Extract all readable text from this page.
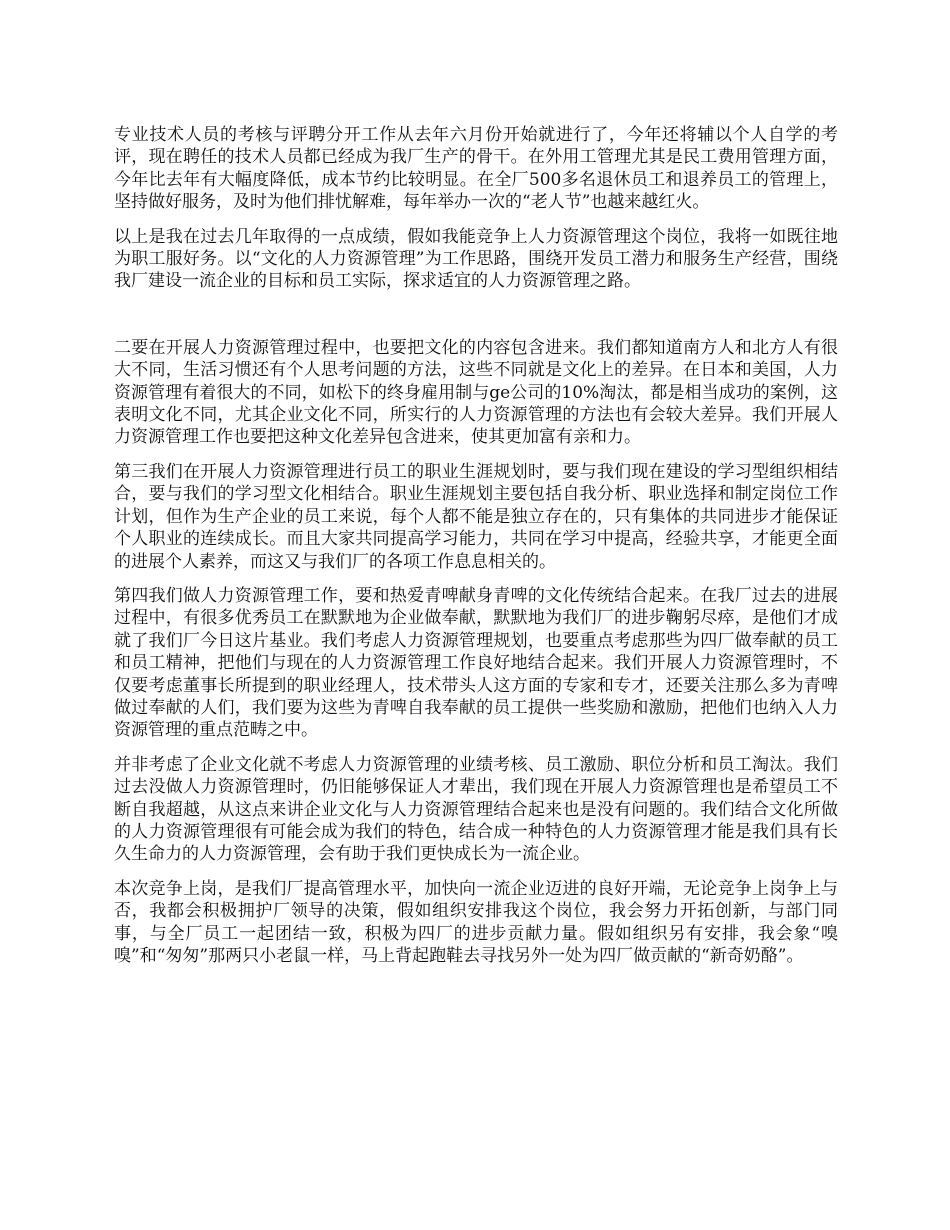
专业技术人员的考核与评聘分开工作从去年六月份开始就进行了，今年还将辅以个人自学的考评，现在聘任的技术人员都已经成为我厂生产的骨干。在外用工管理尤其是民工费用管理方面，今年比去年有大幅度降低，成本节约比较明显。在全厂500多名退休员工和退养员工的管理上，坚持做好服务，及时为他们排忧解难，每年举办一次的“老人节”也越来越红火。

以上是我在过去几年取得的一点成绩，假如我能竞争上人力资源管理这个岗位，我将一如既往地为职工服好务。以“文化的人力资源管理”为工作思路，围绕开发员工潜力和服务生产经营，围绕我厂建设一流企业的目标和员工实际，探求适宜的人力资源管理之路。

二要在开展人力资源管理过程中，也要把文化的内容包含进来。我们都知道南方人和北方人有很大不同，生活习惯还有个人思考问题的方法，这些不同就是文化上的差异。在日本和美国，人力资源管理有着很大的不同，如松下的终身雇用制与ge公司的10%淘汰，都是相当成功的案例，这表明文化不同，尤其企业文化不同，所实行的人力资源管理的方法也有会较大差异。我们开展人力资源管理工作也要把这种文化差异包含进来，使其更加富有亲和力。

第三我们在开展人力资源管理进行员工的职业生涯规划时，要与我们现在建设的学习型组织相结合，要与我们的学习型文化相结合。职业生涯规划主要包括自我分析、职业选择和制定岗位工作计划，但作为生产企业的员工来说，每个人都不能是独立存在的，只有集体的共同进步才能保证个人职业的连续成长。而且大家共同提高学习能力，共同在学习中提高，经验共享，才能更全面的进展个人素养，而这又与我们厂的各项工作息息相关的。

第四我们做人力资源管理工作，要和热爱青啤献身青啤的文化传统结合起来。在我厂过去的进展过程中，有很多优秀员工在默默地为企业做奉献，默默地为我们厂的进步鞠躬尽瘁，是他们才成就了我们厂今日这片基业。我们考虑人力资源管理规划，也要重点考虑那些为四厂做奉献的员工和员工精神，把他们与现在的人力资源管理工作良好地结合起来。我们开展人力资源管理时，不仅要考虑董事长所提到的职业经理人，技术带头人这方面的专家和专才，还要关注那么多为青啤做过奉献的人们，我们要为这些为青啤自我奉献的员工提供一些奖励和激励，把他们也纳入人力资源管理的重点范畴之中。

并非考虑了企业文化就不考虑人力资源管理的业绩考核、员工激励、职位分析和员工淘汰。我们过去没做人力资源管理时，仍旧能够保证人才辈出，我们现在开展人力资源管理也是希望员工不断自我超越，从这点来讲企业文化与人力资源管理结合起来也是没有问题的。我们结合文化所做的人力资源管理很有可能会成为我们的特色，结合成一种特色的人力资源管理才能是我们具有长久生命力的人力资源管理，会有助于我们更快成长为一流企业。

本次竞争上岗，是我们厂提高管理水平，加快向一流企业迈进的良好开端，无论竞争上岗争上与否，我都会积极拥护厂领导的决策，假如组织安排我这个岗位，我会努力开拓创新，与部门同事，与全厂员工一起团结一致，积极为四厂的进步贡献力量。假如组织另有安排，我会象“嗅嗅”和“匆匆”那两只小老鼠一样，马上背起跑鞋去寻找另外一处为四厂做贡献的“新奇奶酪”。
